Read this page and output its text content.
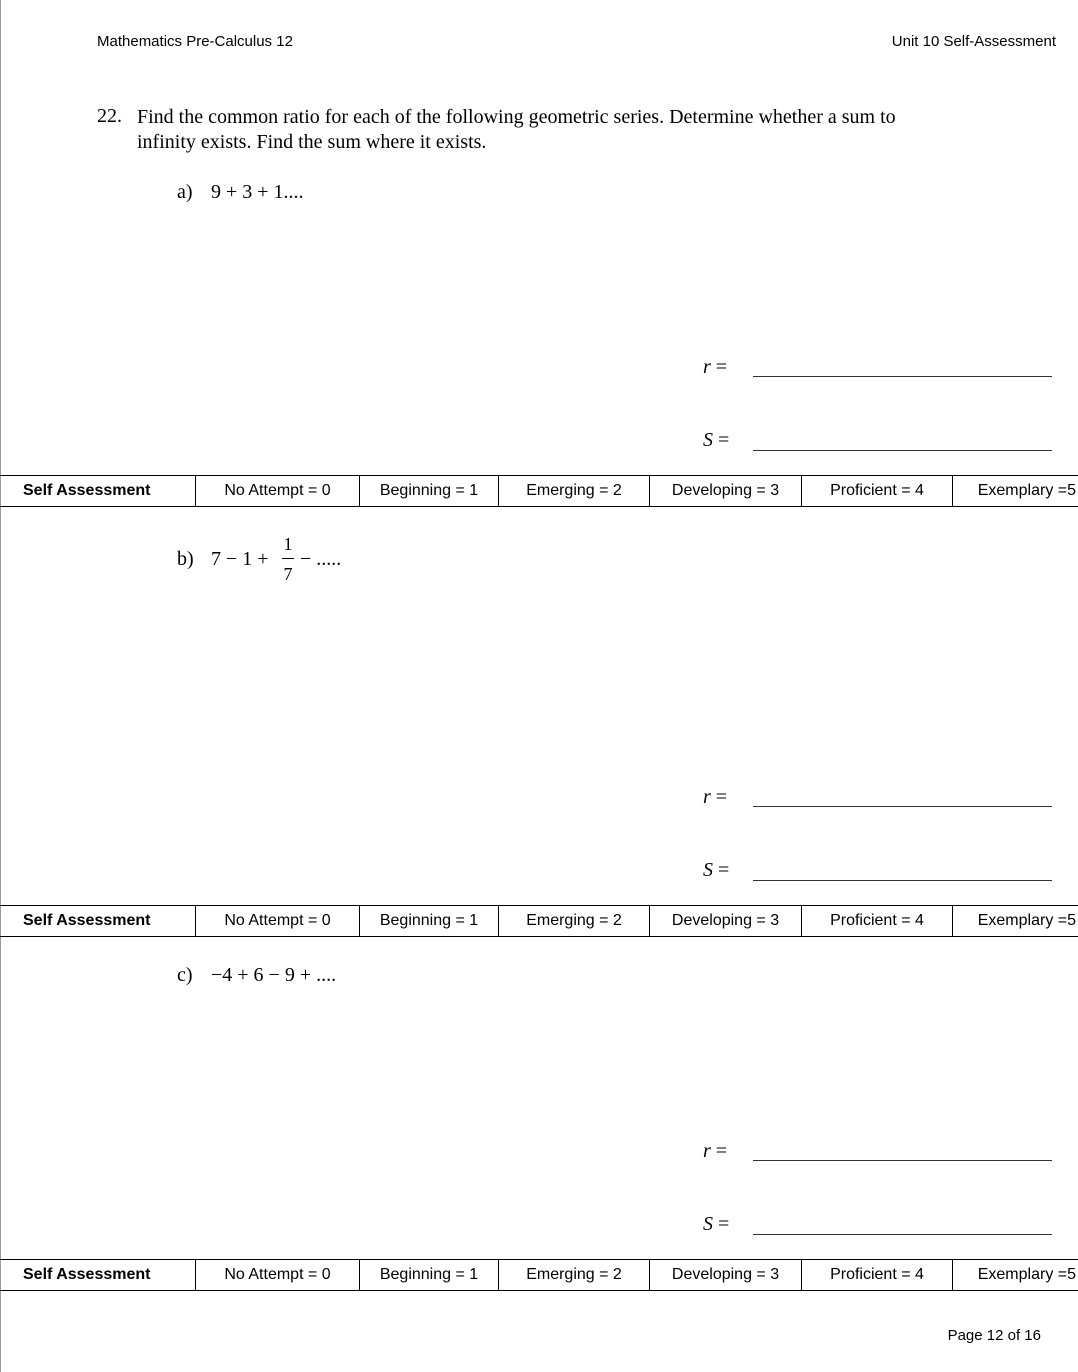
Mathematics Pre-Calculus 12	Unit 10 Self-Assessment
22. Find the common ratio for each of the following geometric series. Determine whether a sum to infinity exists. Find the sum where it exists.
a) 9 + 3 + 1....
r =
S =
Self Assessment	No Attempt = 0	Beginning = 1	Emerging = 2	Developing = 3	Proficient = 4	Exemplary =5
b) 7 − 1 +
1
7
− .....
r =
S =
Self Assessment	No Attempt = 0	Beginning = 1	Emerging = 2	Developing = 3	Proficient = 4	Exemplary =5
c) −4 + 6 − 9 + ....
r =
S =
Self Assessment	No Attempt = 0	Beginning = 1	Emerging = 2	Developing = 3	Proficient = 4	Exemplary =5
Page 12 of 16
